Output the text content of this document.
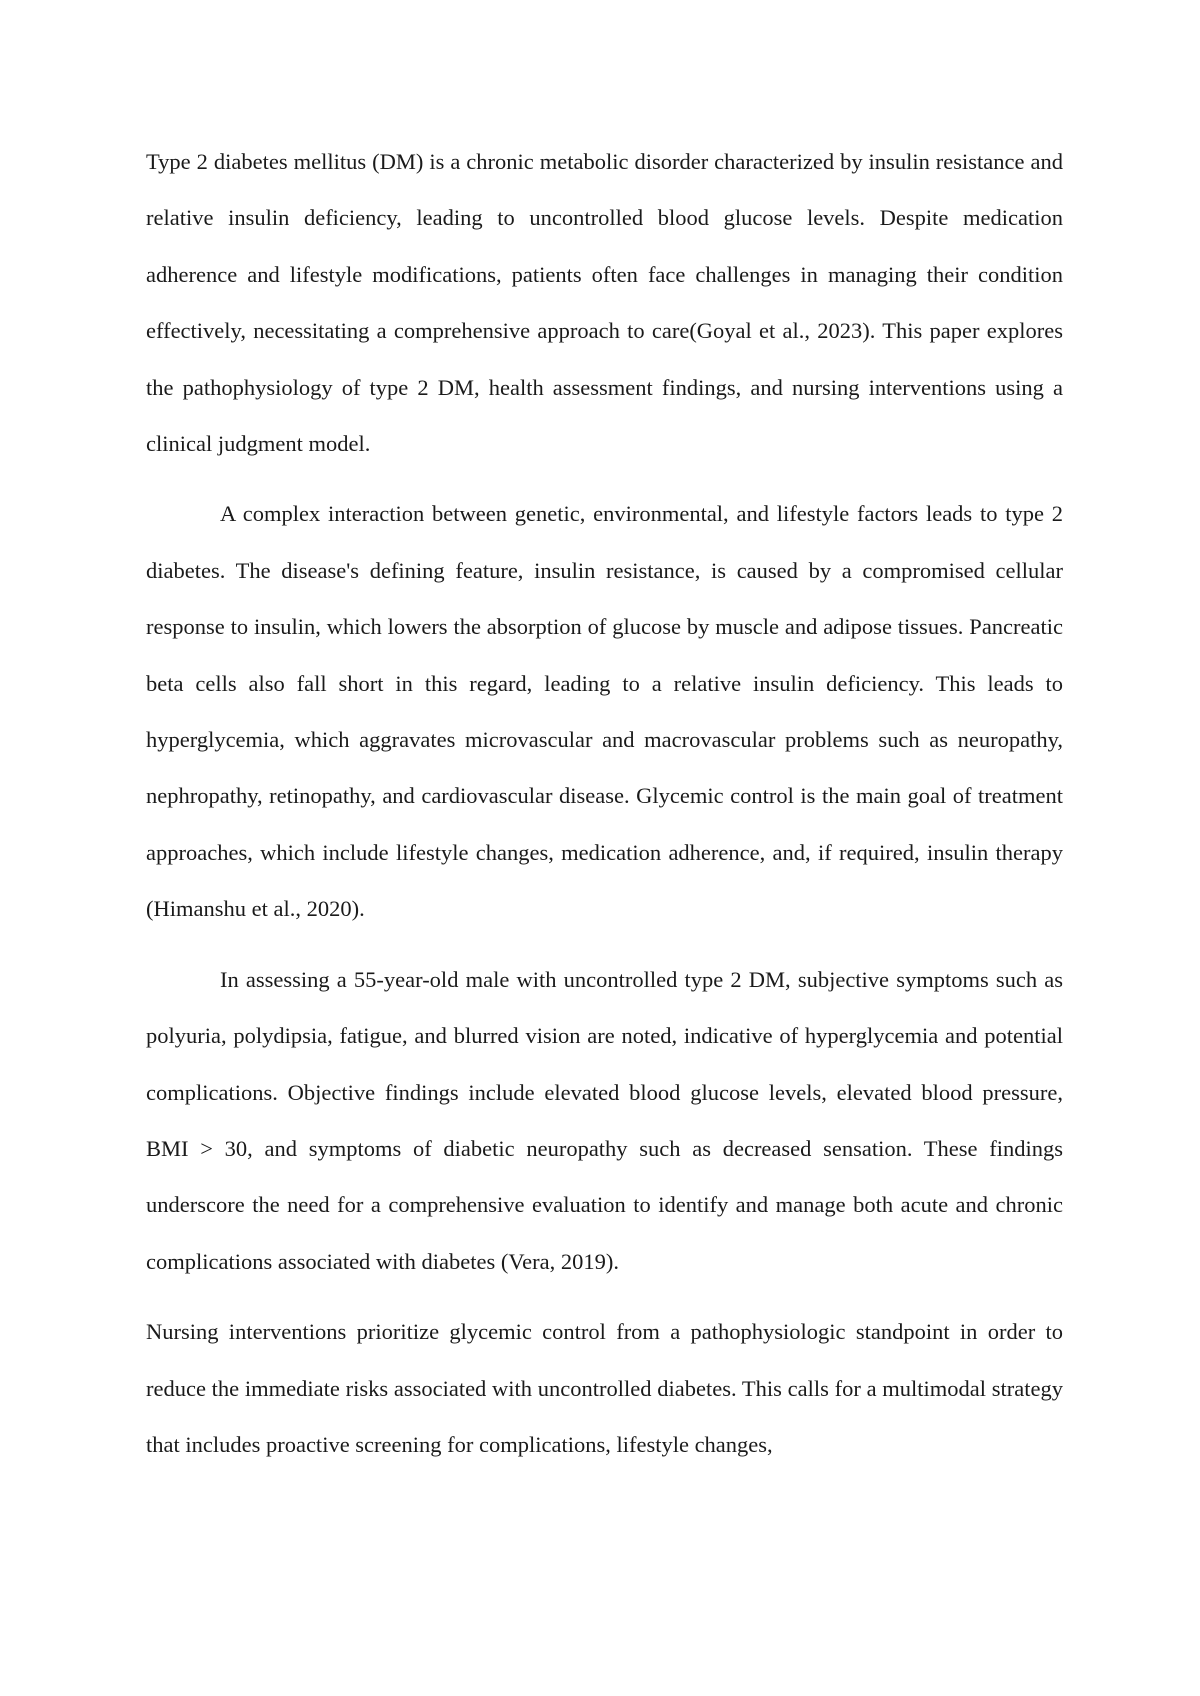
Type 2 diabetes mellitus (DM) is a chronic metabolic disorder characterized by insulin resistance and relative insulin deficiency, leading to uncontrolled blood glucose levels. Despite medication adherence and lifestyle modifications, patients often face challenges in managing their condition effectively, necessitating a comprehensive approach to care(Goyal et al., 2023). This paper explores the pathophysiology of type 2 DM, health assessment findings, and nursing interventions using a clinical judgment model.

A complex interaction between genetic, environmental, and lifestyle factors leads to type 2 diabetes. The disease's defining feature, insulin resistance, is caused by a compromised cellular response to insulin, which lowers the absorption of glucose by muscle and adipose tissues. Pancreatic beta cells also fall short in this regard, leading to a relative insulin deficiency. This leads to hyperglycemia, which aggravates microvascular and macrovascular problems such as neuropathy, nephropathy, retinopathy, and cardiovascular disease. Glycemic control is the main goal of treatment approaches, which include lifestyle changes, medication adherence, and, if required, insulin therapy (Himanshu et al., 2020).

In assessing a 55-year-old male with uncontrolled type 2 DM, subjective symptoms such as polyuria, polydipsia, fatigue, and blurred vision are noted, indicative of hyperglycemia and potential complications. Objective findings include elevated blood glucose levels, elevated blood pressure, BMI > 30, and symptoms of diabetic neuropathy such as decreased sensation. These findings underscore the need for a comprehensive evaluation to identify and manage both acute and chronic complications associated with diabetes (Vera, 2019).

Nursing interventions prioritize glycemic control from a pathophysiologic standpoint in order to reduce the immediate risks associated with uncontrolled diabetes. This calls for a multimodal strategy that includes proactive screening for complications, lifestyle changes,
